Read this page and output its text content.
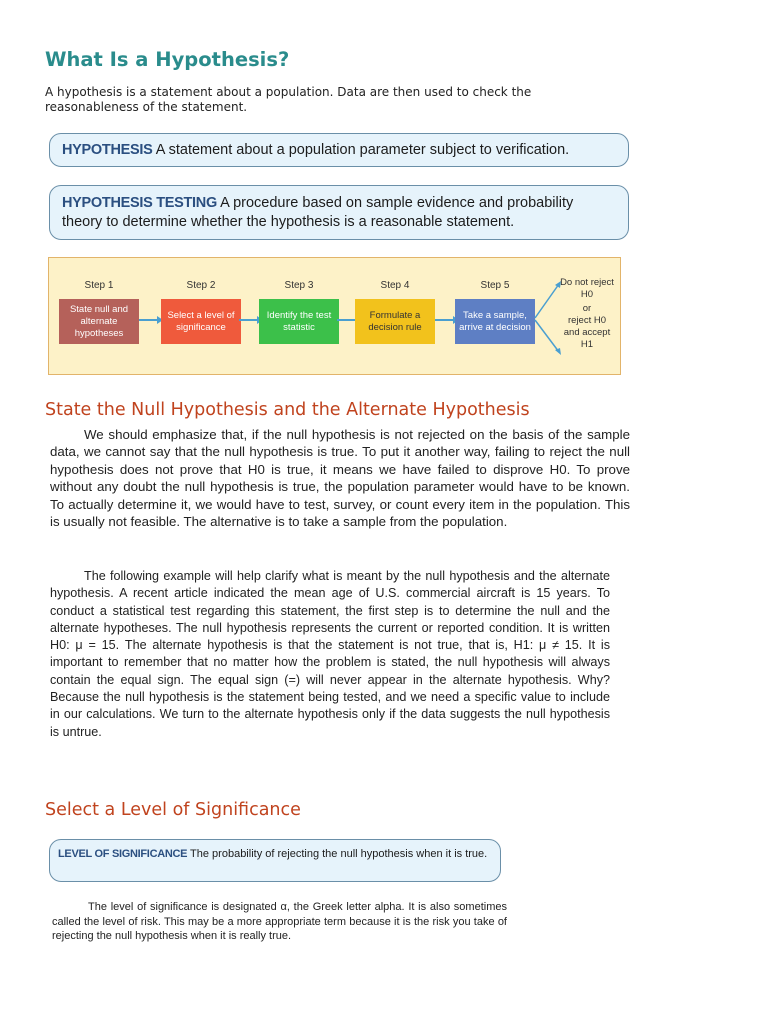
What Is a Hypothesis?

A hypothesis is a statement about a population. Data are then used to check the reasonableness of the statement.

HYPOTHESIS A statement about a population parameter subject to verification.
HYPOTHESIS TESTING A procedure based on sample evidence and probability theory to determine whether the hypothesis is a reasonable statement.
Step 1	Step 2	Step 3	Step 4	Step 5
State null and alternate hypotheses
Select a level of significance
Identify the test statistic
Formulate a decision rule
Take a sample, arrive at decision
Do not reject H0
or
reject H0 and accept H1
State the Null Hypothesis and the Alternate Hypothesis

We should emphasize that, if the null hypothesis is not rejected on the basis of the sample data, we cannot say that the null hypothesis is true. To put it another way, failing to reject the null hypothesis does not prove that H0 is true, it means we have failed to disprove H0. To prove without any doubt the null hypothesis is true, the population parameter would have to be known. To actually determine it, we would have to test, survey, or count every item in the population. This is usually not feasible. The alternative is to take a sample from the population.

The following example will help clarify what is meant by the null hypothesis and the alternate hypothesis. A recent article indicated the mean age of U.S. commercial aircraft is 15 years. To conduct a statistical test regarding this statement, the first step is to determine the null and the alternate hypotheses. The null hypothesis represents the current or reported condition. It is written H0: μ = 15. The alternate hypothesis is that the statement is not true, that is, H1: μ ≠ 15. It is important to remember that no matter how the problem is stated, the null hypothesis will always contain the equal sign. The equal sign (=) will never appear in the alternate hypothesis. Why? Because the null hypothesis is the statement being tested, and we need a specific value to include in our calculations. We turn to the alternate hypothesis only if the data suggests the null hypothesis is untrue.

Select a Level of Significance
LEVEL OF SIGNIFICANCE The probability of rejecting the null hypothesis when it is true.

The level of significance is designated α, the Greek letter alpha. It is also sometimes called the level of risk. This may be a more appropriate term because it is the risk you take of rejecting the null hypothesis when it is really true.
